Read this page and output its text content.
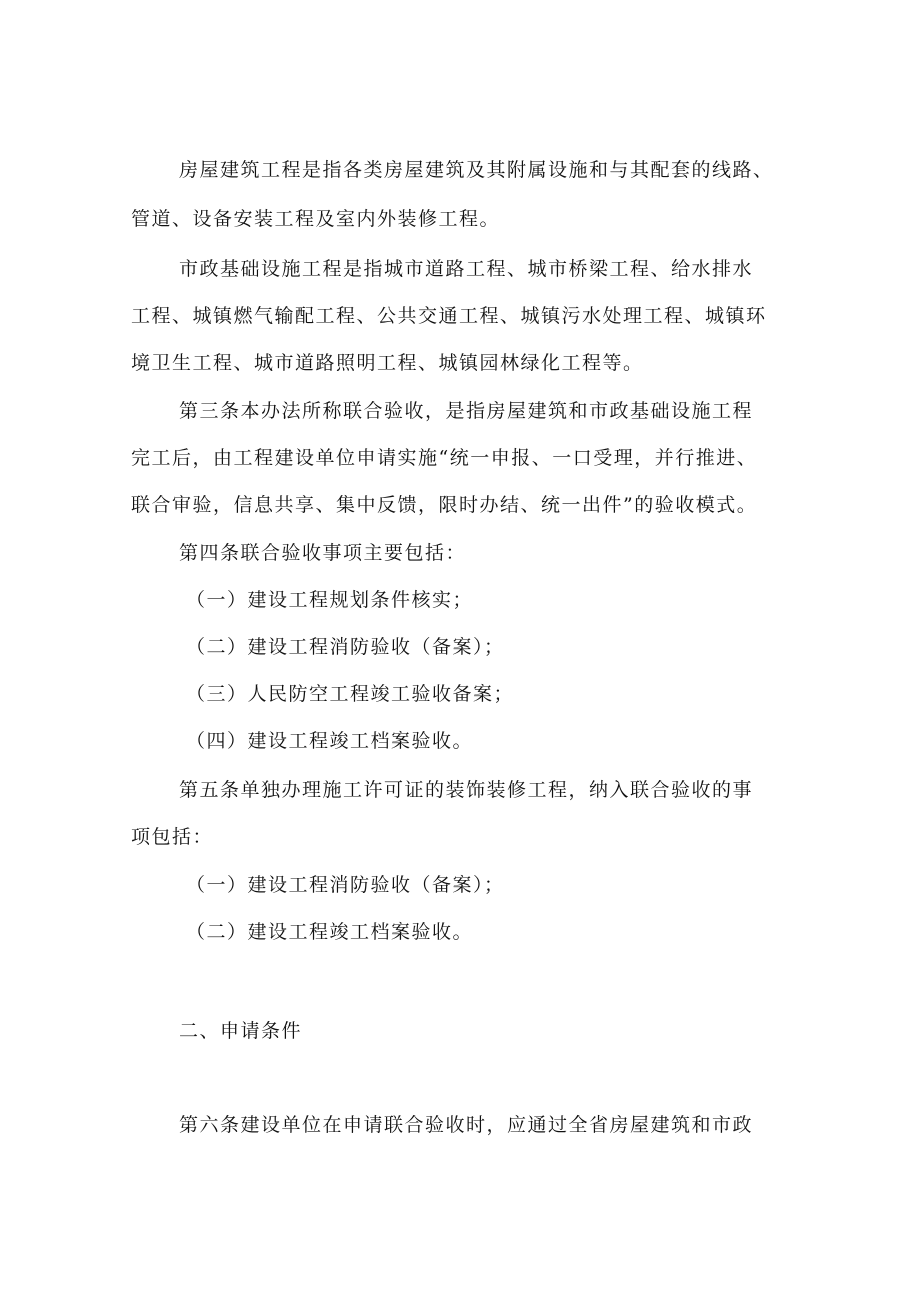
房屋建筑工程是指各类房屋建筑及其附属设施和与其配套的线路、

管道、设备安装工程及室内外装修工程。

市政基础设施工程是指城市道路工程、城市桥梁工程、给水排水

工程、城镇燃气输配工程、公共交通工程、城镇污水处理工程、城镇环

境卫生工程、城市道路照明工程、城镇园林绿化工程等。

第三条本办法所称联合验收，是指房屋建筑和市政基础设施工程

完工后，由工程建设单位申请实施“统一申报、一口受理，并行推进、

联合审验，信息共享、集中反馈，限时办结、统一出件”的验收模式。

第四条联合验收事项主要包括：

（一）建设工程规划条件核实；

（二）建设工程消防验收（备案）；

（三）人民防空工程竣工验收备案；

（四）建设工程竣工档案验收。

第五条单独办理施工许可证的装饰装修工程，纳入联合验收的事

项包括：

（一）建设工程消防验收（备案）；

（二）建设工程竣工档案验收。

二、申请条件

第六条建设单位在申请联合验收时，应通过全省房屋建筑和市政
